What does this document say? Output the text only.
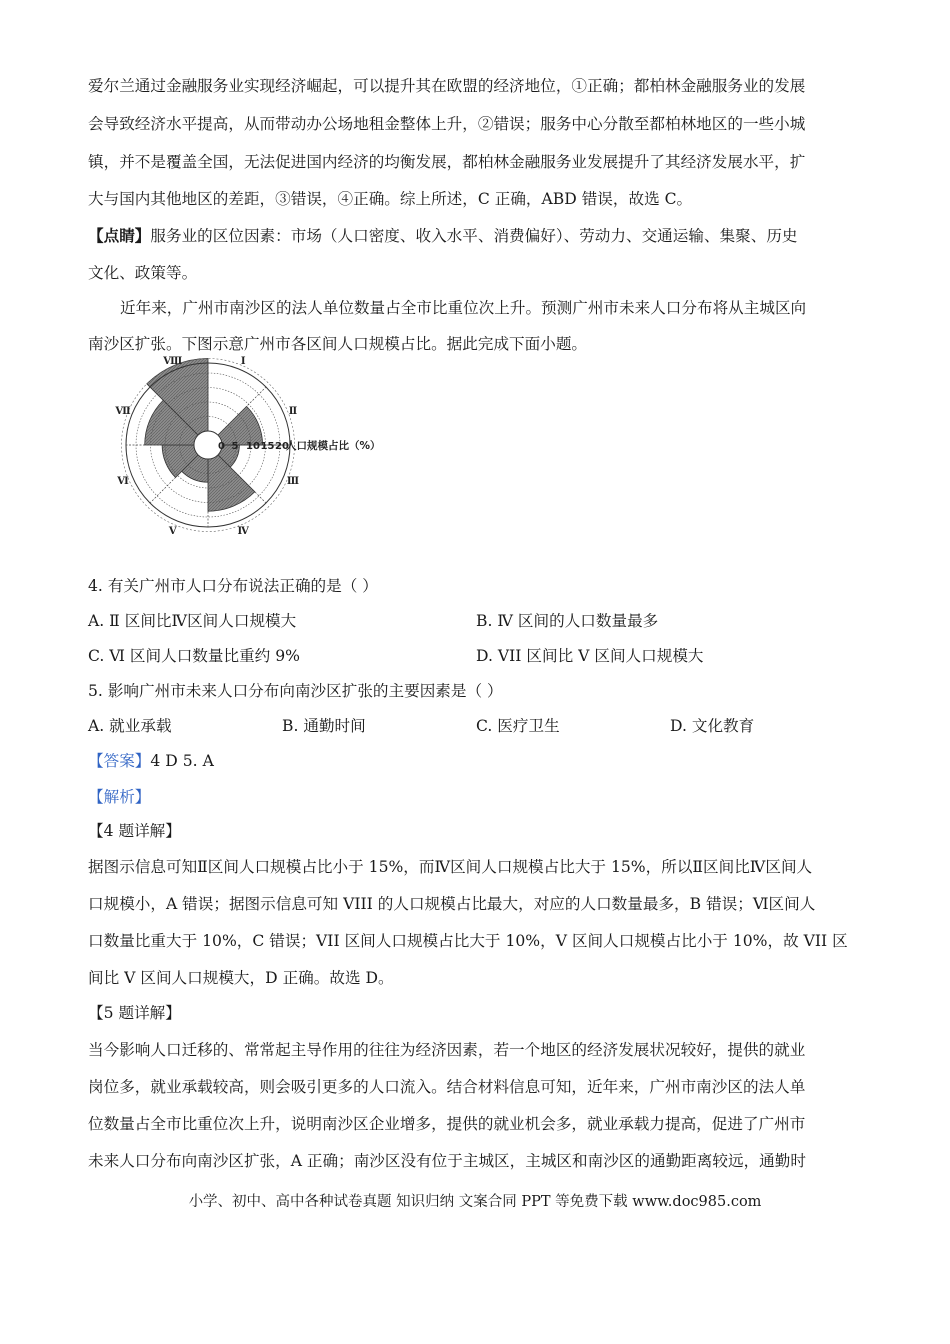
爱尔兰通过金融服务业实现经济崛起，可以提升其在欧盟的经济地位，①正确；都柏林金融服务业的发展
会导致经济水平提高，从而带动办公场地租金整体上升，②错误；服务中心分散至都柏林地区的一些小城
镇，并不是覆盖全国，无法促进国内经济的均衡发展，都柏林金融服务业发展提升了其经济发展水平，扩
大与国内其他地区的差距，③错误，④正确。综上所述，C 正确，ABD 错误，故选 C。
【点睛】服务业的区位因素：市场（人口密度、收入水平、消费偏好）、劳动力、交通运输、集聚、历史
文化、政策等。
近年来，广州市南沙区的法人单位数量占全市比重位次上升。预测广州市未来人口分布将从主城区向
南沙区扩张。下图示意广州市各区间人口规模占比。据此完成下面小题。
0 5 10 15 20
人口规模占比（%）
Ⅰ
Ⅱ
Ⅲ
Ⅳ
Ⅴ
Ⅵ
Ⅶ
Ⅷ
4. 有关广州市人口分布说法正确的是（ ）
A. Ⅱ 区间比Ⅳ区间人口规模大	B. Ⅳ 区间的人口数量最多
C. Ⅵ 区间人口数量比重约 9%	D. VII 区间比 V 区间人口规模大
5. 影响广州市未来人口分布向南沙区扩张的主要因素是（ ）
A. 就业承载	B. 通勤时间	C. 医疗卫生	D. 文化教育
【答案】4 D 5. A
【解析】
【4 题详解】
据图示信息可知Ⅱ区间人口规模占比小于 15%，而Ⅳ区间人口规模占比大于 15%，所以Ⅱ区间比Ⅳ区间人
口规模小，A 错误；据图示信息可知 VIII 的人口规模占比最大，对应的人口数量最多，B 错误；Ⅵ区间人
口数量比重大于 10%，C 错误；VII 区间人口规模占比大于 10%，V 区间人口规模占比小于 10%，故 VII 区
间比 V 区间人口规模大，D 正确。故选 D。
【5 题详解】
当今影响人口迁移的、常常起主导作用的往往为经济因素，若一个地区的经济发展状况较好，提供的就业
岗位多，就业承载较高，则会吸引更多的人口流入。结合材料信息可知，近年来，广州市南沙区的法人单
位数量占全市比重位次上升，说明南沙区企业增多，提供的就业机会多，就业承载力提高，促进了广州市
未来人口分布向南沙区扩张，A 正确；南沙区没有位于主城区，主城区和南沙区的通勤距离较远，通勤时
小学、初中、高中各种试卷真题 知识归纳 文案合同 PPT 等免费下载 www.doc985.com
